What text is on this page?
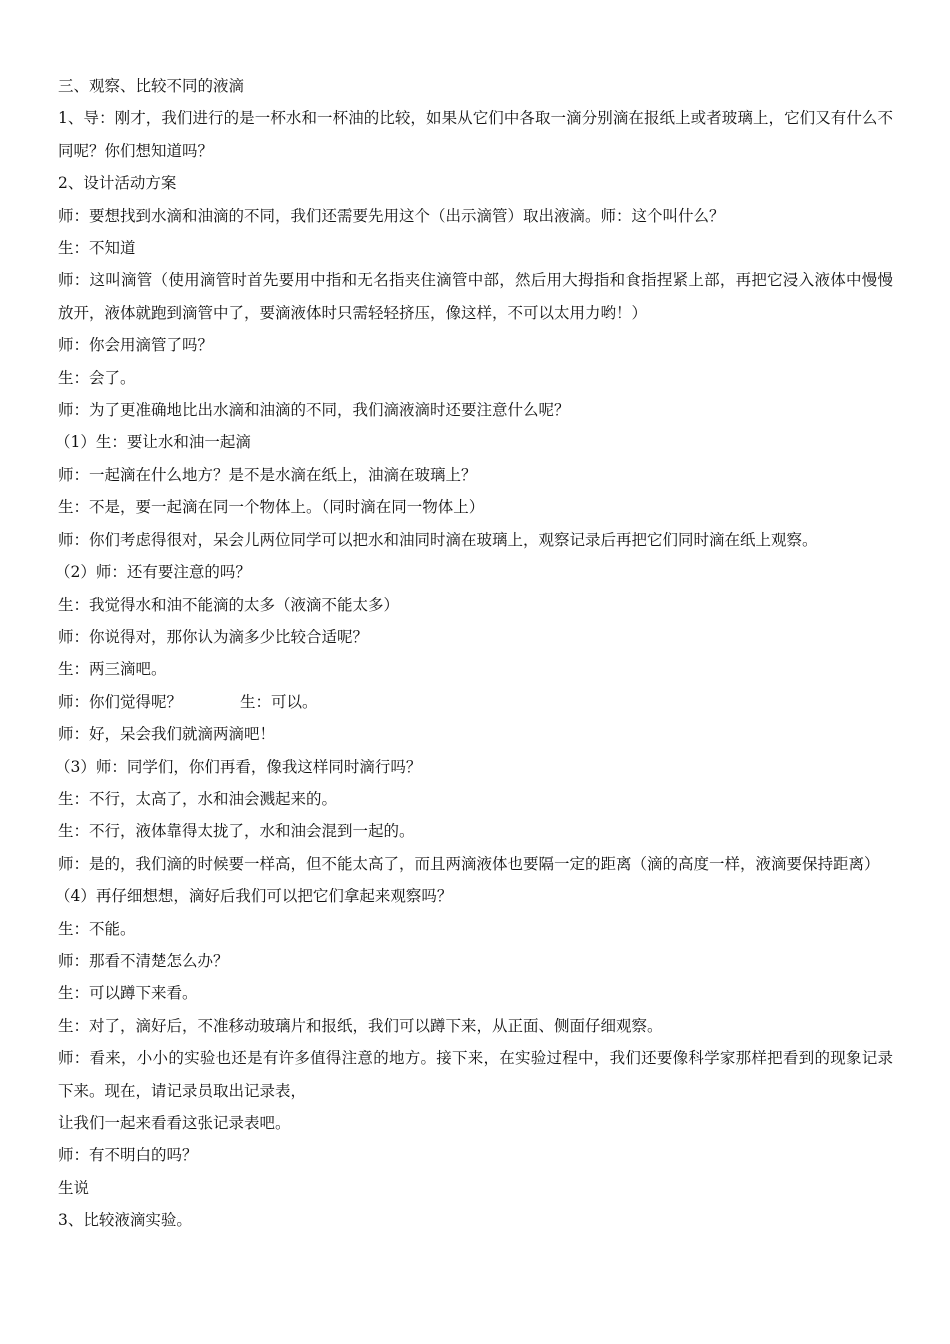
三、观察、比较不同的液滴

1、导：刚才，我们进行的是一杯水和一杯油的比较，如果从它们中各取一滴分别滴在报纸上或者玻璃上，它们又有什么不同呢？你们想知道吗？

2、设计活动方案

师：要想找到水滴和油滴的不同，我们还需要先用这个（出示滴管）取出液滴。师：这个叫什么？

生：不知道

师：这叫滴管（使用滴管时首先要用中指和无名指夹住滴管中部，然后用大拇指和食指捏紧上部，再把它浸入液体中慢慢放开，液体就跑到滴管中了，要滴液体时只需轻轻挤压，像这样，不可以太用力哟！）

师：你会用滴管了吗？

生：会了。

师：为了更准确地比出水滴和油滴的不同，我们滴液滴时还要注意什么呢？

（1）生：要让水和油一起滴

师：一起滴在什么地方？是不是水滴在纸上，油滴在玻璃上？

生：不是，要一起滴在同一个物体上。（同时滴在同一物体上）

师：你们考虑得很对，呆会儿两位同学可以把水和油同时滴在玻璃上，观察记录后再把它们同时滴在纸上观察。

（2）师：还有要注意的吗？

生：我觉得水和油不能滴的太多（液滴不能太多）

师：你说得对，那你认为滴多少比较合适呢？

生：两三滴吧。

师：你们觉得呢？	生：可以。

师：好，呆会我们就滴两滴吧！

（3）师：同学们，你们再看，像我这样同时滴行吗？

生：不行，太高了，水和油会溅起来的。

生：不行，液体靠得太拢了，水和油会混到一起的。

师：是的，我们滴的时候要一样高，但不能太高了，而且两滴液体也要隔一定的距离（滴的高度一样，液滴要保持距离）

（4）再仔细想想，滴好后我们可以把它们拿起来观察吗？

生：不能。

师：那看不清楚怎么办？

生：可以蹲下来看。

生：对了，滴好后，不准移动玻璃片和报纸，我们可以蹲下来，从正面、侧面仔细观察。

师：看来，小小的实验也还是有许多值得注意的地方。接下来，在实验过程中，我们还要像科学家那样把看到的现象记录下来。现在，请记录员取出记录表，

让我们一起来看看这张记录表吧。

师：有不明白的吗？

生说

3、比较液滴实验。
